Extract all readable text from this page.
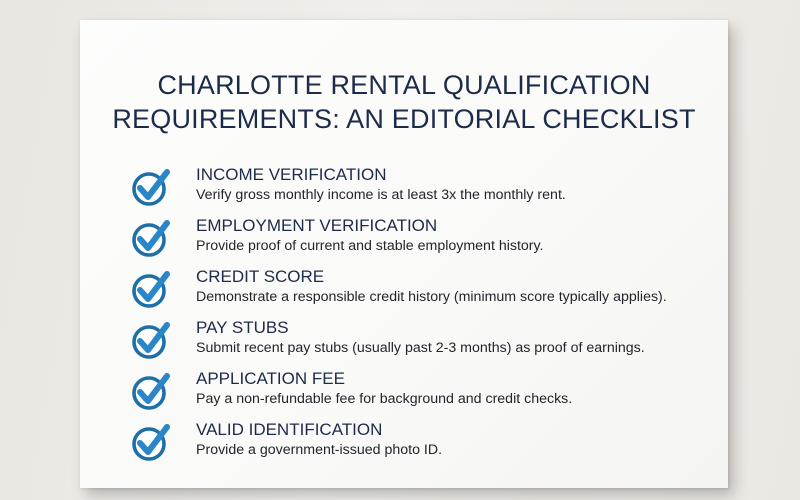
CHARLOTTE RENTAL QUALIFICATION
REQUIREMENTS: AN EDITORIAL CHECKLIST
INCOME VERIFICATION
Verify gross monthly income is at least 3x the monthly rent.
EMPLOYMENT VERIFICATION
Provide proof of current and stable employment history.
CREDIT SCORE
Demonstrate a responsible credit history (minimum score typically applies).
PAY STUBS
Submit recent pay stubs (usually past 2-3 months) as proof of earnings.
APPLICATION FEE
Pay a non-refundable fee for background and credit checks.
VALID IDENTIFICATION
Provide a government-issued photo ID.
